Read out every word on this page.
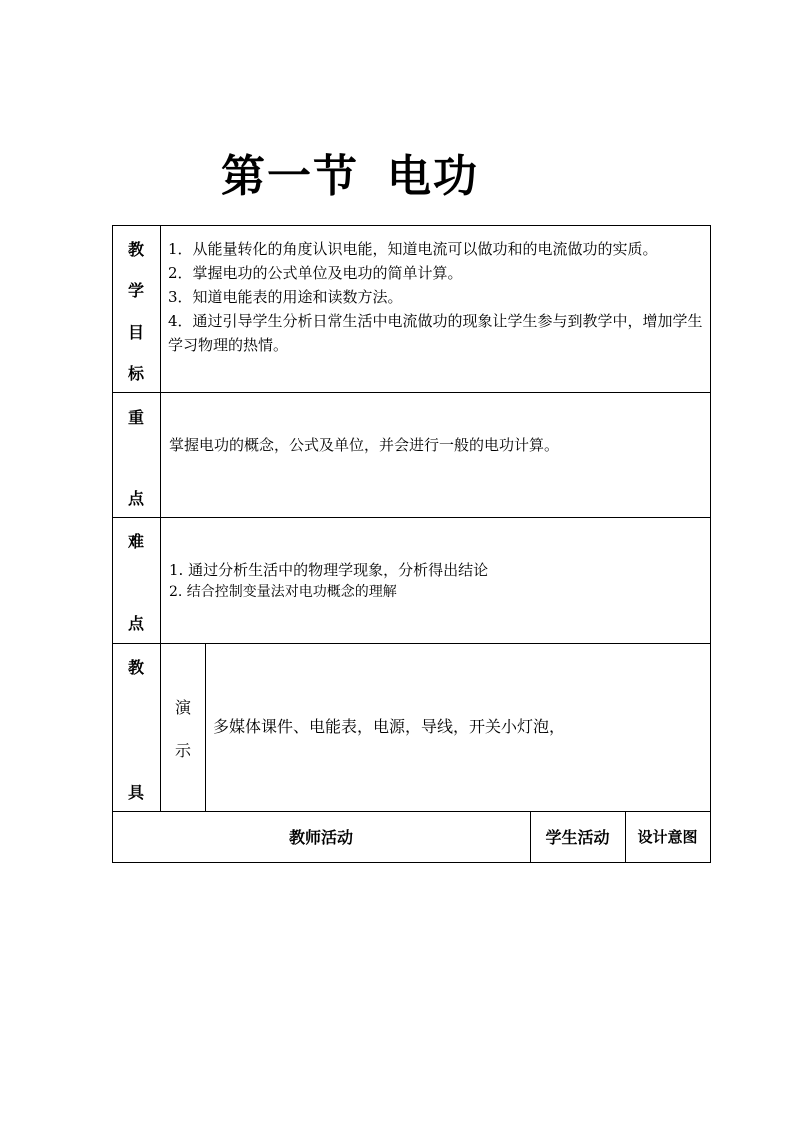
第一节 电功
教
学
目
标

1．从能量转化的角度认识电能，知道电流可以做功和的电流做功的实质。

2．掌握电功的公式单位及电功的简单计算。

3．知道电能表的用途和读数方法。

4．通过引导学生分析日常生活中电流做功的现象让学生参与到教学中，增加学生学习物理的热情。

重
点
掌握电功的概念，公式及单位，并会进行一般的电功计算。
难
点

1. 通过分析生活中的物理学现象，分析得出结论

2. 结合控制变量法对电功概念的理解

教
具
演
示
多媒体课件、电能表，电源，导线，开关小灯泡，
教师活动	学生活动	设计意图
